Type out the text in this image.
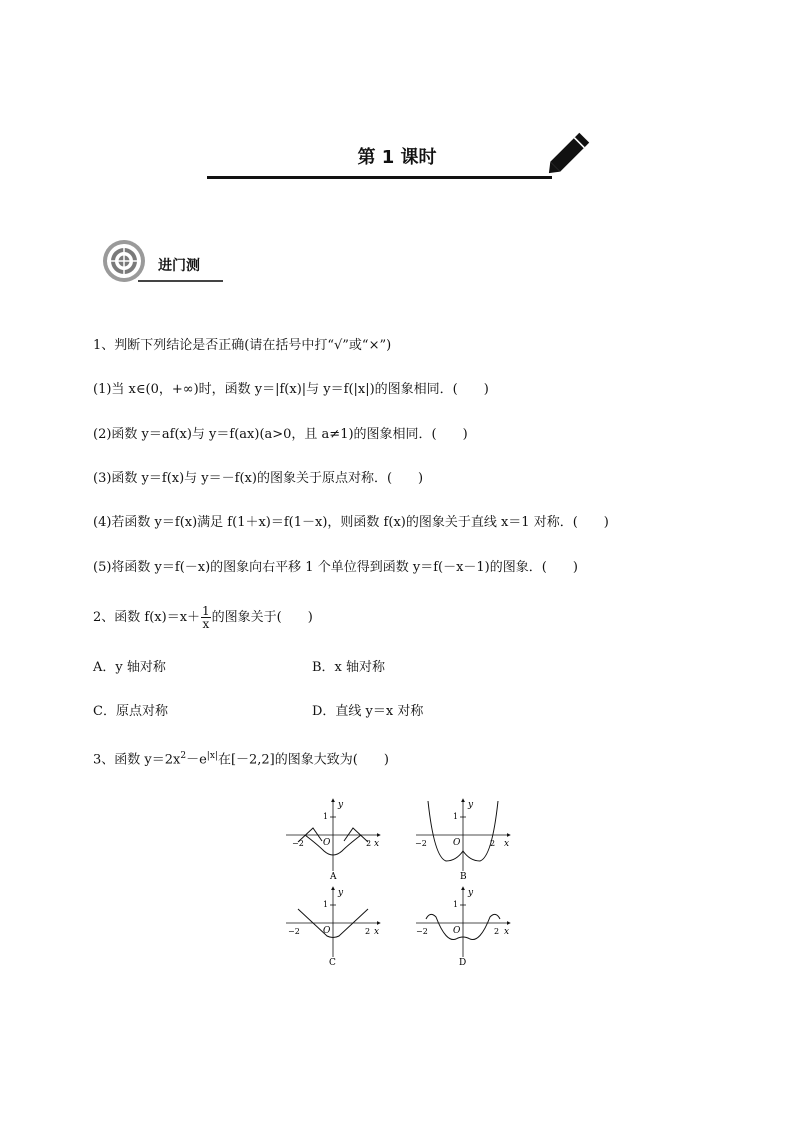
第 1 课时
进门测
1、判断下列结论是否正确(请在括号中打“√”或“×”)
(1)当 x∈(0，+∞)时，函数 y＝|f(x)|与 y＝f(|x|)的图象相同．(　　)
(2)函数 y＝af(x)与 y＝f(ax)(a>0，且 a≠1)的图象相同．(　　)
(3)函数 y＝f(x)与 y＝－f(x)的图象关于原点对称．(　　)
(4)若函数 y＝f(x)满足 f(1＋x)＝f(1－x)，则函数 f(x)的图象关于直线 x＝1 对称．(　　)
(5)将函数 y＝f(－x)的图象向右平移 1 个单位得到函数 y＝f(－x－1)的图象．(　　)
2、函数 $f(x)=x+ \frac{1}{x}$ 的图象关于(　　)
A．y 轴对称	B．x 轴对称
C．原点对称	D．直线 y＝x 对称
3、函数 $y=2x^2-e^{|x|}$在[－2,2]的图象大致为(　　)
y
x
O
1
−2	2
A
y
x
O
1
−2	2
B
y
x
O
1
−2	2
C
y
x
O
1
−2	2
D
